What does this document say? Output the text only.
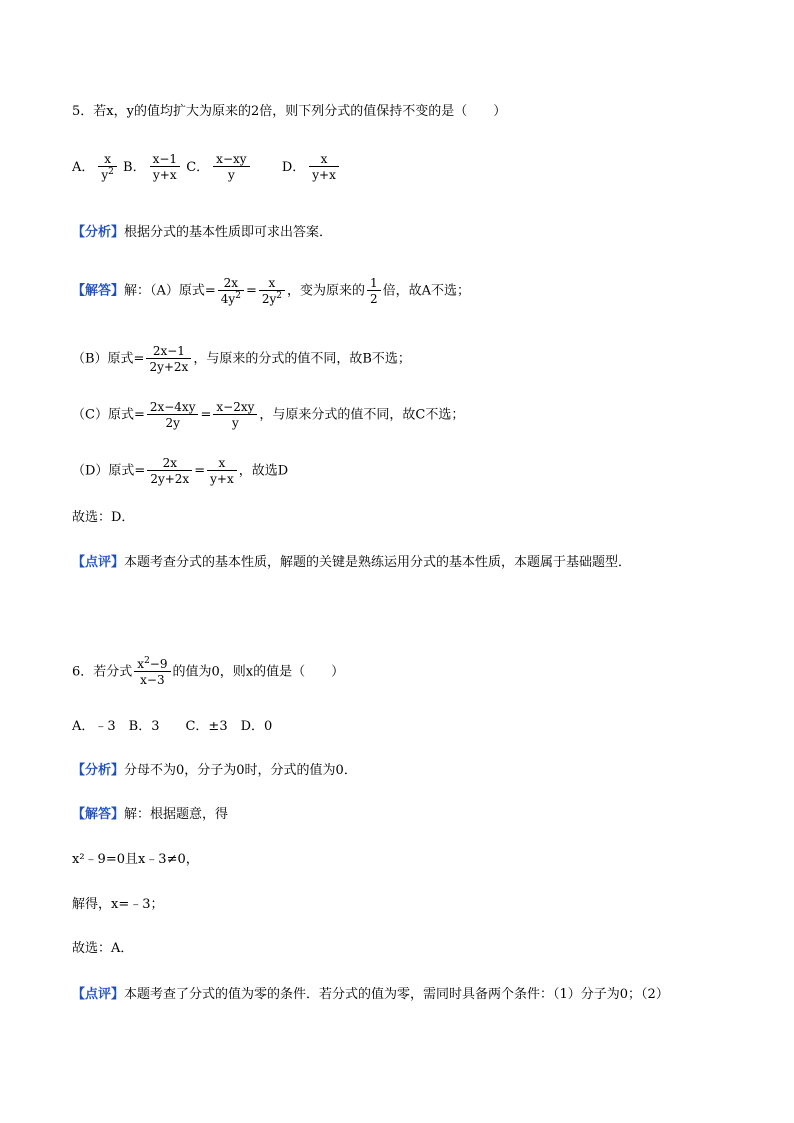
5．若x，y的值均扩大为原来的2倍，则下列分式的值保持不变的是（　　）
A． $\frac{x}{y^2}$ B． $\frac{x-1}{y+x}$ C． $\frac{x-xy}{y}$ D． $\frac{x}{y+x}$
【分析】根据分式的基本性质即可求出答案．
【解答】解：（A）原式= $\frac{2x}{4y^2} = \frac{x}{2y^2}$ ，变为原来的 $\frac{1}{2}$ 倍，故A不选；
（B）原式= $\frac{2x-1}{2y+2x}$ ，与原来的分式的值不同，故B不选；
（C）原式= $\frac{2x-4xy}{2y} = \frac{x-2xy}{y}$ ，与原来分式的值不同，故C不选；
（D）原式= $\frac{2x}{2y+2x} = \frac{x}{y+x}$ ，故选D
故选：D．
【点评】本题考查分式的基本性质，解题的关键是熟练运用分式的基本性质，本题属于基础题型．
6．若分式 $\frac{x^2-9}{x-3}$ 的值为0，则x的值是（　　）
A．﹣3　B．3　　C．±3　D．0
【分析】分母不为0，分子为0时，分式的值为0．
【解答】解：根据题意，得
x²﹣9=0且x﹣3≠0，
解得，x=﹣3；
故选：A．
【点评】本题考查了分式的值为零的条件．若分式的值为零，需同时具备两个条件：（1）分子为0；（2）
